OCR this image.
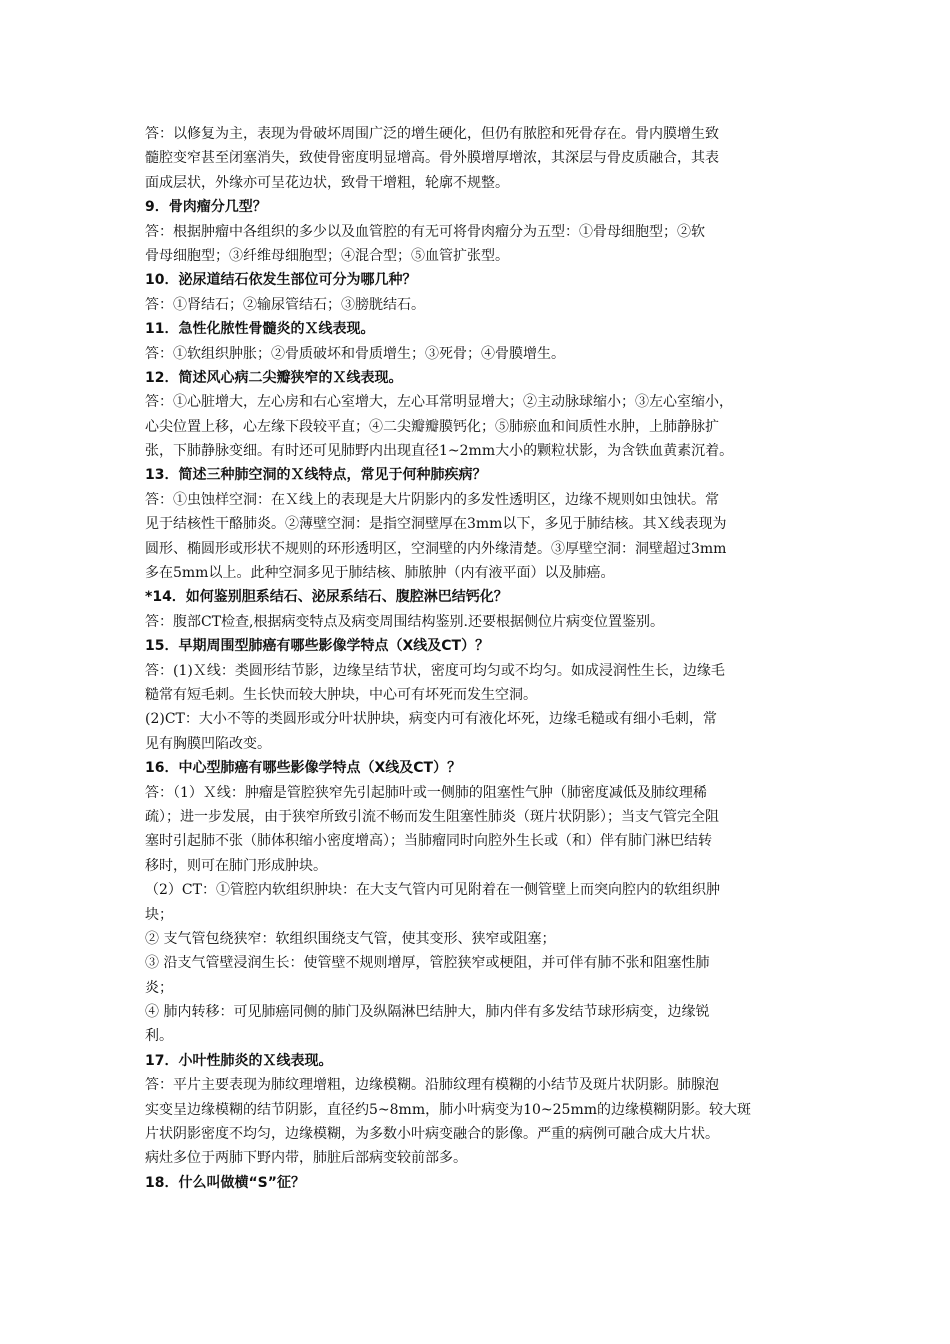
答：以修复为主，表现为骨破坏周围广泛的增生硬化，但仍有脓腔和死骨存在。骨内膜增生致
髓腔变窄甚至闭塞消失，致使骨密度明显增高。骨外膜增厚增浓，其深层与骨皮质融合，其表
面成层状，外缘亦可呈花边状，致骨干增粗，轮廓不规整。
9．骨肉瘤分几型？
答：根据肿瘤中各组织的多少以及血管腔的有无可将骨肉瘤分为五型：①骨母细胞型；②软
骨母细胞型；③纤维母细胞型；④混合型；⑤血管扩张型。
10．泌尿道结石依发生部位可分为哪几种？
答：①肾结石；②输尿管结石；③膀胱结石。
11．急性化脓性骨髓炎的Ｘ线表现。
答：①软组织肿胀；②骨质破坏和骨质增生；③死骨；④骨膜增生。
12．简述风心病二尖瓣狭窄的Ｘ线表现。
答：①心脏增大，左心房和右心室增大，左心耳常明显增大；②主动脉球缩小；③左心室缩小，
心尖位置上移，心左缘下段较平直；④二尖瓣瓣膜钙化；⑤肺瘀血和间质性水肿，上肺静脉扩
张，下肺静脉变细。有时还可见肺野内出现直径1~2mm大小的颗粒状影，为含铁血黄素沉着。
13．简述三种肺空洞的Ｘ线特点，常见于何种肺疾病？
答：①虫蚀样空洞：在Ｘ线上的表现是大片阴影内的多发性透明区，边缘不规则如虫蚀状。常
见于结核性干酪肺炎。②薄壁空洞：是指空洞壁厚在3mm以下，多见于肺结核。其Ｘ线表现为
圆形、椭圆形或形状不规则的环形透明区，空洞壁的内外缘清楚。③厚壁空洞：洞壁超过3mm
多在5mm以上。此种空洞多见于肺结核、肺脓肿（内有液平面）以及肺癌。
*14．如何鉴别胆系结石、泌尿系结石、腹腔淋巴结钙化？
答：腹部CT检查,根据病变特点及病变周围结构鉴别.还要根据侧位片病变位置鉴别。
15．早期周围型肺癌有哪些影像学特点（X线及CT）？
答：(1)Ｘ线：类圆形结节影，边缘呈结节状，密度可均匀或不均匀。如成浸润性生长，边缘毛
糙常有短毛刺。生长快而较大肿块，中心可有坏死而发生空洞。
(2)CT：大小不等的类圆形或分叶状肿块，病变内可有液化坏死，边缘毛糙或有细小毛刺，常
见有胸膜凹陷改变。
16．中心型肺癌有哪些影像学特点（X线及CT）？
答：（1）Ｘ线：肿瘤是管腔狭窄先引起肺叶或一侧肺的阻塞性气肿（肺密度减低及肺纹理稀
疏）；进一步发展，由于狭窄所致引流不畅而发生阻塞性肺炎（斑片状阴影）；当支气管完全阻
塞时引起肺不张（肺体积缩小密度增高）；当肺瘤同时向腔外生长或（和）伴有肺门淋巴结转
移时，则可在肺门形成肿块。
（2）CT：①管腔内软组织肿块：在大支气管内可见附着在一侧管壁上而突向腔内的软组织肿
块；
② 支气管包绕狭窄：软组织围绕支气管，使其变形、狭窄或阻塞；
③ 沿支气管壁浸润生长：使管壁不规则增厚，管腔狭窄或梗阻，并可伴有肺不张和阻塞性肺
炎；
④ 肺内转移：可见肺癌同侧的肺门及纵隔淋巴结肿大，肺内伴有多发结节球形病变，边缘锐
利。
17．小叶性肺炎的Ｘ线表现。
答：平片主要表现为肺纹理增粗，边缘模糊。沿肺纹理有模糊的小结节及斑片状阴影。肺腺泡
实变呈边缘模糊的结节阴影，直径约5~8mm，肺小叶病变为10~25mm的边缘模糊阴影。较大斑
片状阴影密度不均匀，边缘模糊，为多数小叶病变融合的影像。严重的病例可融合成大片状。
病灶多位于两肺下野内带，肺脏后部病变较前部多。
18．什么叫做横“S”征？
